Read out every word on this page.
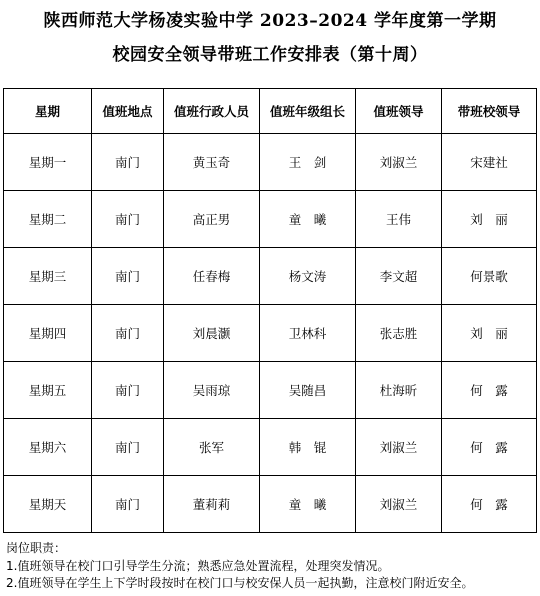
陕西师范大学杨凌实验中学 2023–2024 学年度第一学期
校园安全领导带班工作安排表（第十周）
星期	值班地点	值班行政人员	值班年级组长	值班领导	带班校领导
星期一	南门	黄玉奇	王　剑	刘淑兰	宋建社
星期二	南门	高正男	童　曦	王伟	刘　丽
星期三	南门	任春梅	杨文涛	李文超	何景歌
星期四	南门	刘晨灏	卫林科	张志胜	刘　丽
星期五	南门	吴雨琼	吴随昌	杜海昕	何　露
星期六	南门	张军	韩　锟	刘淑兰	何　露
星期天	南门	董莉莉	童　曦	刘淑兰	何　露
岗位职责：
1.值班领导在校门口引导学生分流；熟悉应急处置流程，处理突发情况。
2.值班领导在学生上下学时段按时在校门口与校安保人员一起执勤，注意校门附近安全。
